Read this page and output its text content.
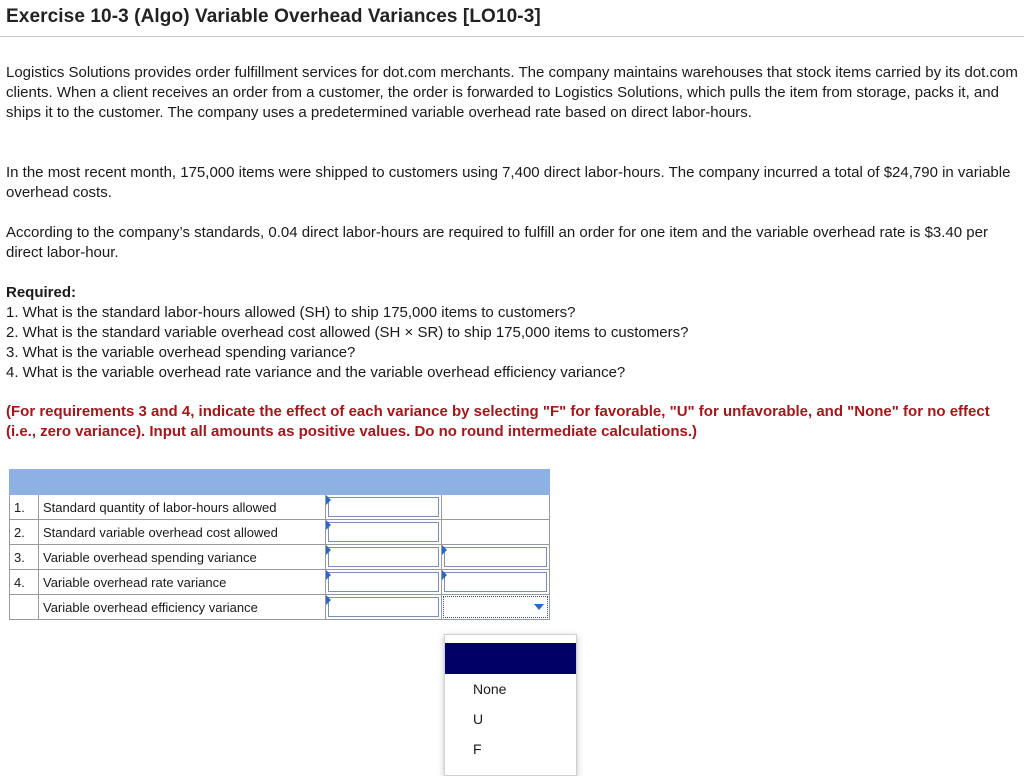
Exercise 10-3 (Algo) Variable Overhead Variances [LO10-3]
Logistics Solutions provides order fulfillment services for dot.com merchants. The company maintains warehouses that stock items carried by its dot.com clients. When a client receives an order from a customer, the order is forwarded to Logistics Solutions, which pulls the item from storage, packs it, and ships it to the customer. The company uses a predetermined variable overhead rate based on direct labor-hours.
In the most recent month, 175,000 items were shipped to customers using 7,400 direct labor-hours. The company incurred a total of $24,790 in variable overhead costs.
According to the company’s standards, 0.04 direct labor-hours are required to fulfill an order for one item and the variable overhead rate is $3.40 per direct labor-hour.
Required:
1. What is the standard labor-hours allowed (SH) to ship 175,000 items to customers?
2. What is the standard variable overhead cost allowed (SH × SR) to ship 175,000 items to customers?
3. What is the variable overhead spending variance?
4. What is the variable overhead rate variance and the variable overhead efficiency variance?
(For requirements 3 and 4, indicate the effect of each variance by selecting "F" for favorable, "U" for unfavorable, and "None" for no effect (i.e., zero variance). Input all amounts as positive values. Do no round intermediate calculations.)

1.	Standard quantity of labor-hours allowed	

2.	Standard variable overhead cost allowed	

3.	Variable overhead spending variance	

4.	Variable overhead rate variance	

	Variable overhead efficiency variance	

None
U
F
